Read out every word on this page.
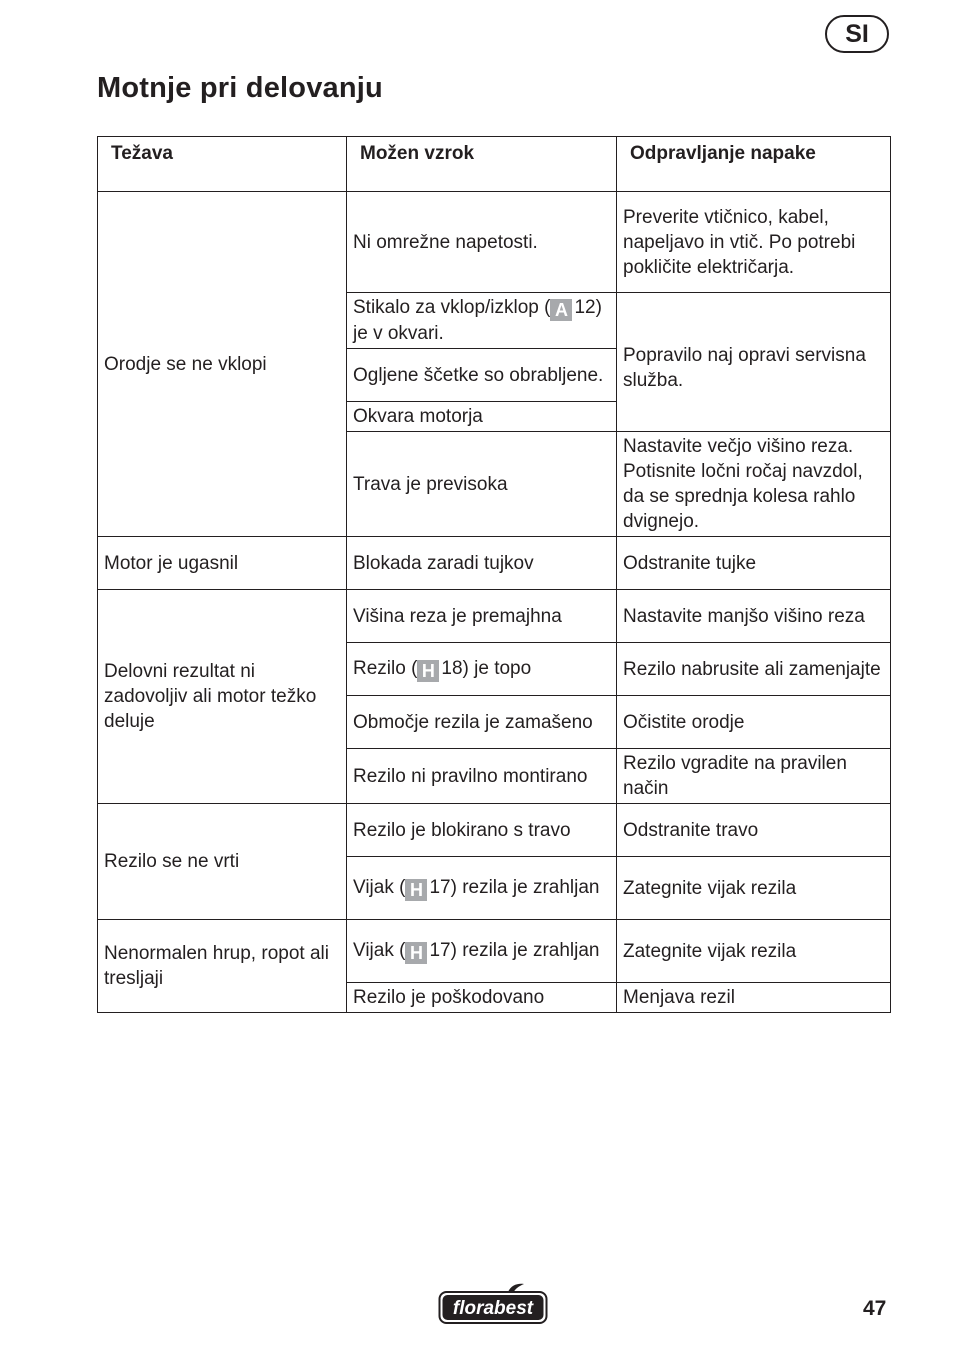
SI
Motnje pri delovanju
Težava	Možen vzrok	Odpravljanje napake
Orodje se ne vklopi	Ni omrežne napetosti.	Preverite vtičnico, kabel, napeljavo in vtič. Po potrebi pokličite električarja.
	Stikalo za vklop/izklop ( A 12) je v okvari.	Popravilo naj opravi servisna služba.
	Ogljene ščetke so obrabljene.	
	Okvara motorja	
	Trava je previsoka	Nastavite večjo višino reza. Potisnite ločni ročaj navzdol, da se sprednja kolesa rahlo dvignejo.
Motor je ugasnil	Blokada zaradi tujkov	Odstranite tujke
Delovni rezultat ni zadovoljiv ali motor težko deluje	Višina reza je premajhna	Nastavite manjšo višino reza
	Rezilo ( H 18) je topo	Rezilo nabrusite ali zamenjajte
	Območje rezila je zamašeno	Očistite orodje
	Rezilo ni pravilno montirano	Rezilo vgradite na pravilen način
Rezilo se ne vrti	Rezilo je blokirano s travo	Odstranite travo
	Vijak ( H 17) rezila je zrahljan	Zategnite vijak rezila
Nenormalen hrup, ropot ali tresljaji	Vijak ( H 17) rezila je zrahljan	Zategnite vijak rezila
	Rezilo je poškodovano	Menjava rezil
florabest	47
